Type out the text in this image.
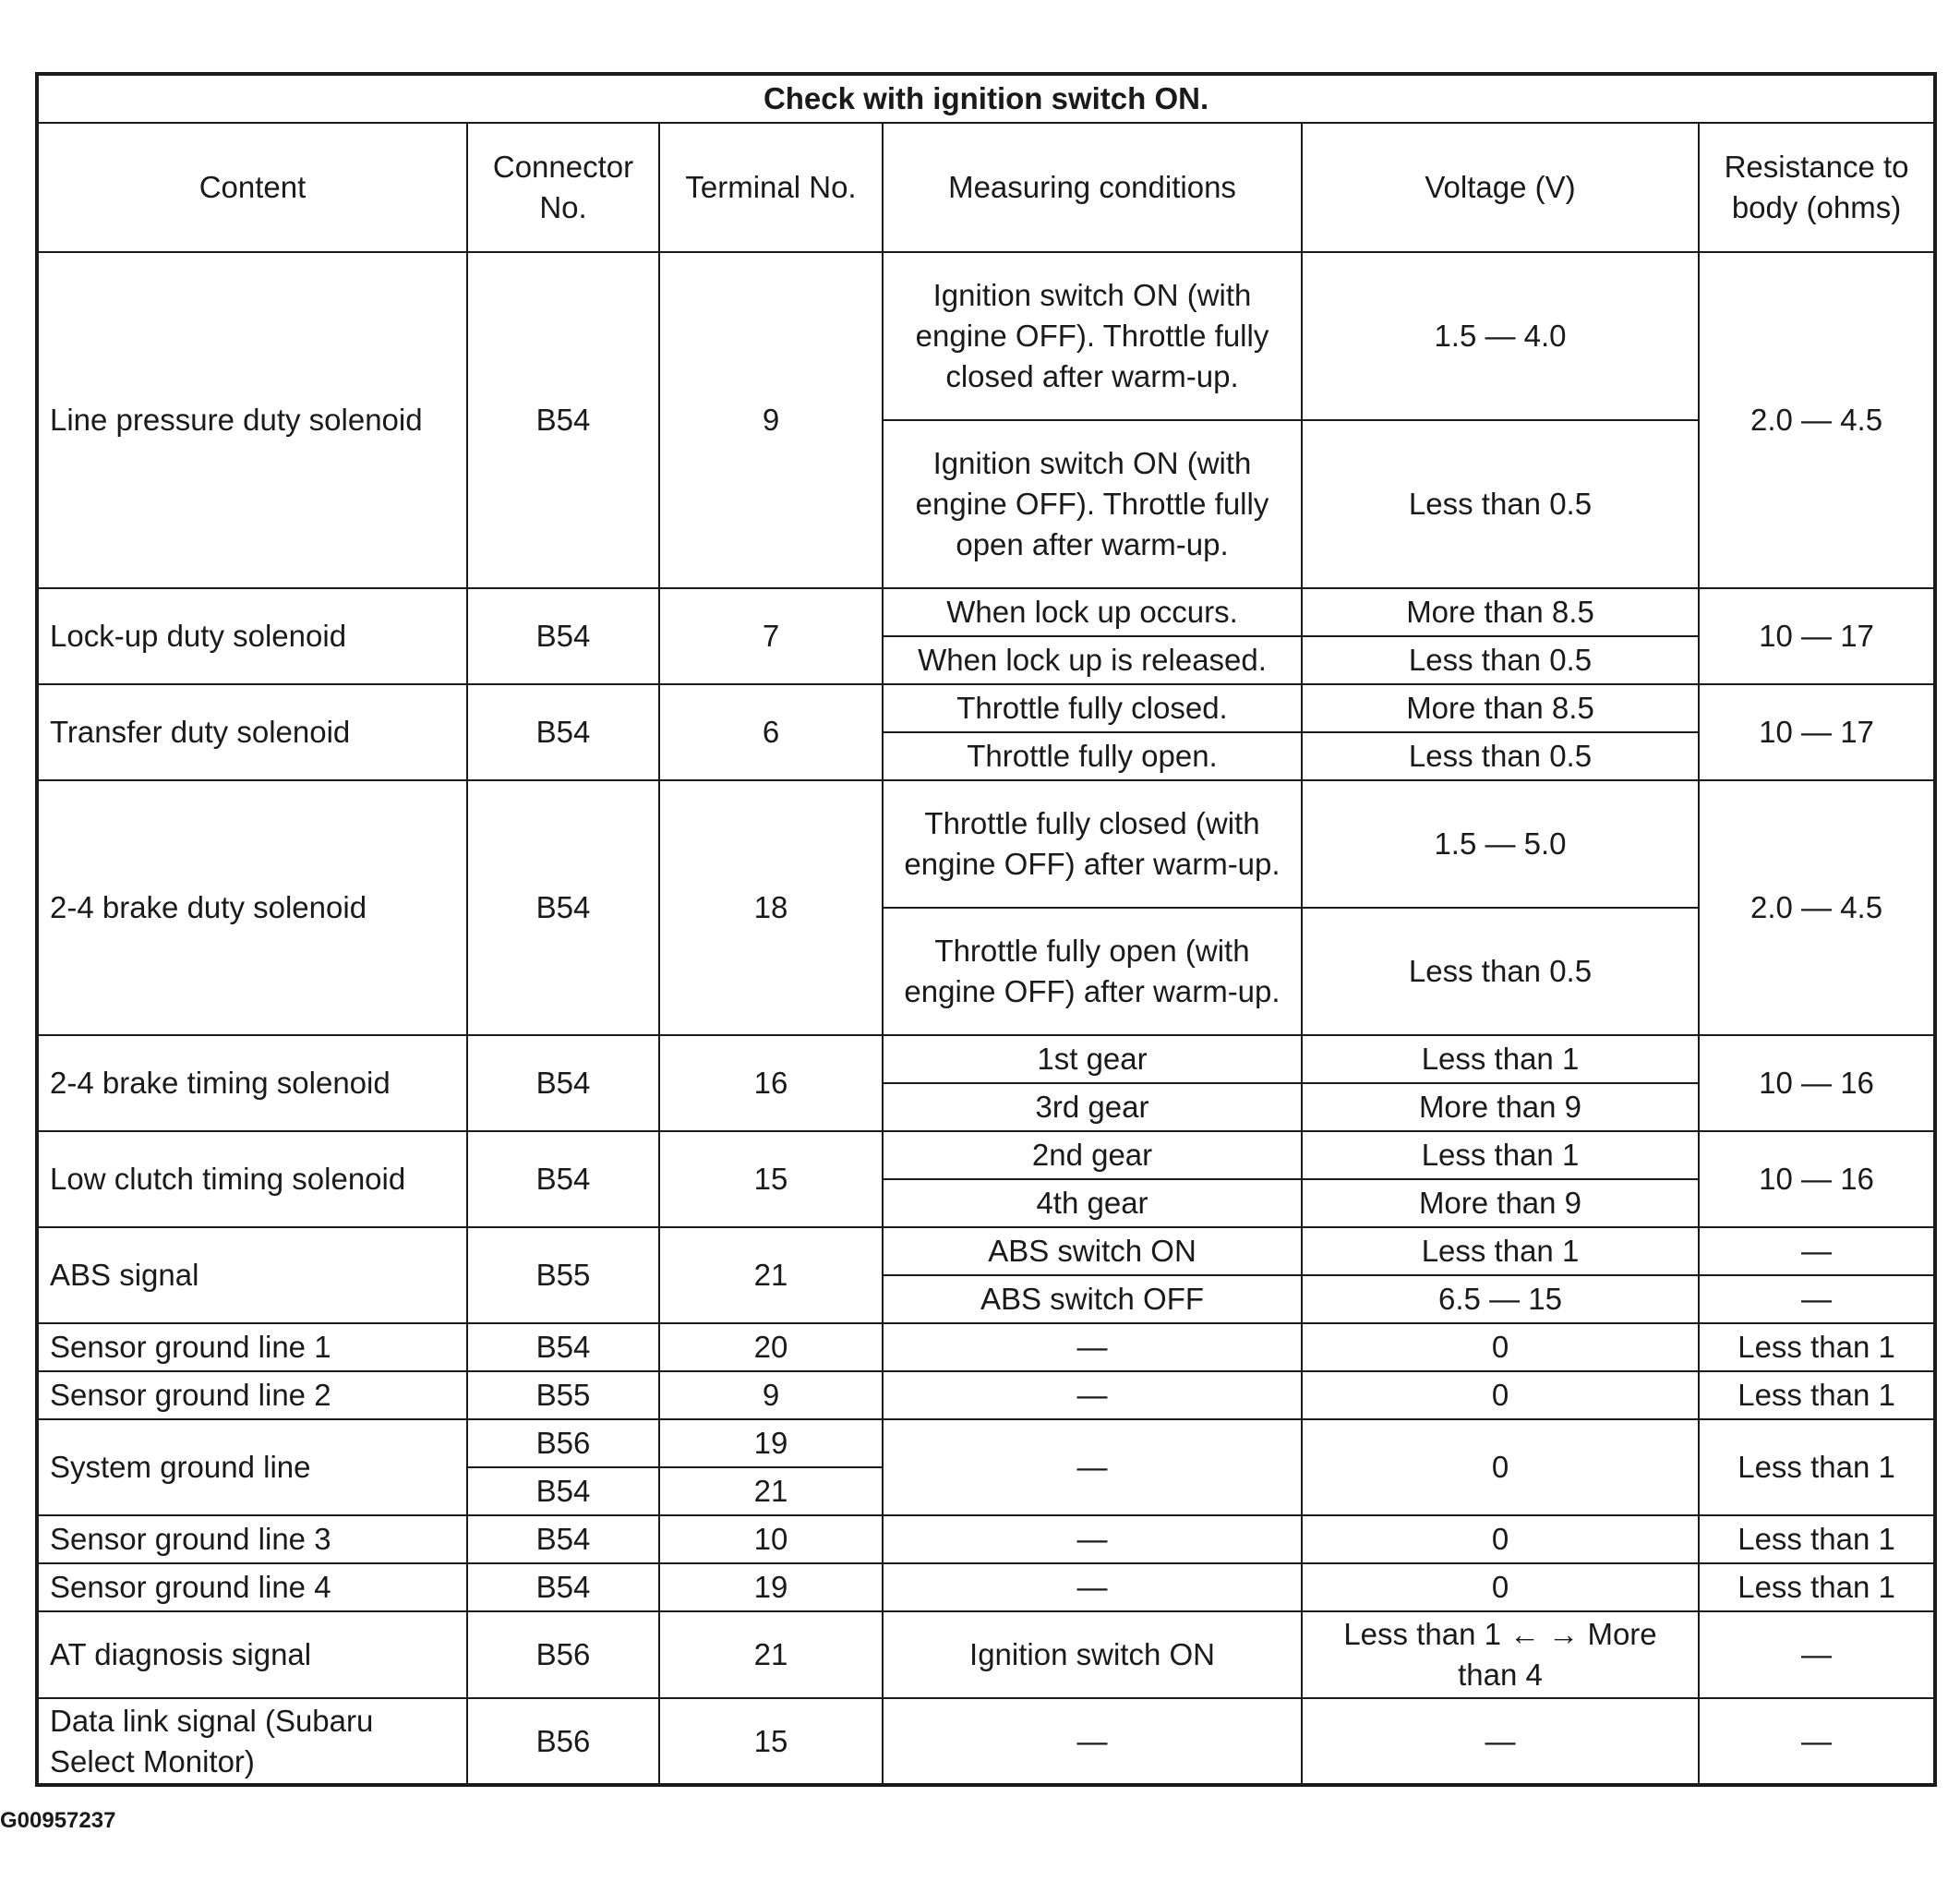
Check with ignition switch ON.					
Content	Connector No.	Terminal No.	Measuring conditions	Voltage (V)	Resistance to body (ohms)
Line pressure duty solenoid	B54	9	Ignition switch ON (with engine OFF). Throttle fully closed after warm-up.	1.5 — 4.0	2.0 — 4.5
			Ignition switch ON (with engine OFF). Throttle fully open after warm-up.	Less than 0.5	
Lock-up duty solenoid	B54	7	When lock up occurs.	More than 8.5	10 — 17
			When lock up is released.	Less than 0.5	
Transfer duty solenoid	B54	6	Throttle fully closed.	More than 8.5	10 — 17
			Throttle fully open.	Less than 0.5	
2-4 brake duty solenoid	B54	18	Throttle fully closed (with engine OFF) after warm-up.	1.5 — 5.0	2.0 — 4.5
			Throttle fully open (with engine OFF) after warm-up.	Less than 0.5	
2-4 brake timing solenoid	B54	16	1st gear	Less than 1	10 — 16
			3rd gear	More than 9	
Low clutch timing solenoid	B54	15	2nd gear	Less than 1	10 — 16
			4th gear	More than 9	
ABS signal	B55	21	ABS switch ON	Less than 1	—
			ABS switch OFF	6.5 — 15	—
Sensor ground line 1	B54	20	—	0	Less than 1
Sensor ground line 2	B55	9	—	0	Less than 1
System ground line	B56	19	—	0	Less than 1
	B54	21			
Sensor ground line 3	B54	10	—	0	Less than 1
Sensor ground line 4	B54	19	—	0	Less than 1
AT diagnosis signal	B56	21	Ignition switch ON	Less than 1 ← → More than 4	—
Data link signal (Subaru Select Monitor)	B56	15	—	—	—
G00957237
